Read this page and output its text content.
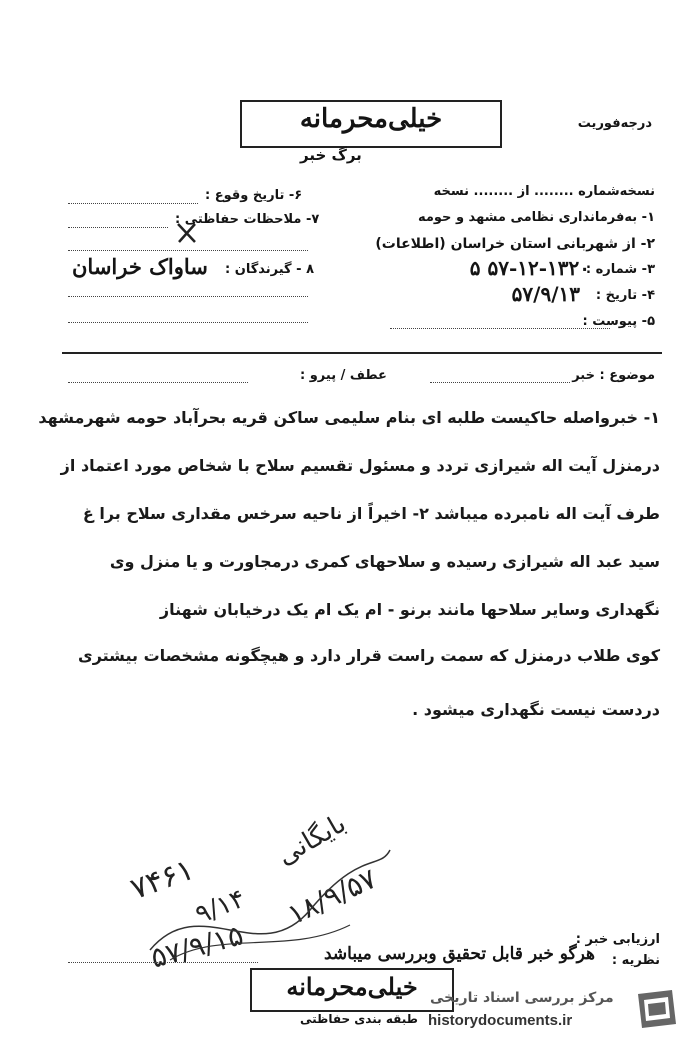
درجه‌فوریت
خیلی‌محرمانه
برگ خبر
نسخه‌شماره ........ از ........ نسخه
۱- به‌فرماندار‌ی نظامی مشهد و حومه
۲- از شهربانی استان خراسان (اطلاعات)
۳- شماره :
۵۷-۱۲-۱۳۲۰ ۵
۴- تاریخ :
۵۷/۹/۱۳
۵- پیوست :
۶- تاریخ وقوع :
۷- ملاحظات حفاظتی :
۸ - گیرندگان :
ساواک خراسان
موضوع : خبر
عطف / پیرو :
۱- خبرواصله حاکیست طلبه ای بنام سلیمی ساکن قریه بحرآباد حومه شهرمشهد
درمنزل آیت اله شیرازی تردد و مسئول تقسیم سلاح با شخاص مورد اعتماد از
طرف آیت اله نامبرده میباشد ۲- اخیراً از ناحیه سرخس مقداری سلاح برا غ
سید عبد اله شیرازی رسیده و سلاحهای کمری درمجاورت و یا منزل وی
نگهداری وسایر سلاحها مانند برنو - ام یک ام یک درخیابان شهناز
کوی طلاب درمنزل که سمت راست قرار دارد و هیچگونه مشخصات بیشتری
دردست نیست نگهداری میشود .
۷۴۶۱
۹/۱۴
۵۷/۹/۱۵
بایگانی
۱۸/۹/۵۷
ارزیابی خبر :
نظریه :
هرگو خبر قابل تحقیق وبررسی میباشد
خیلی‌محرمانه
طبقه بندی حفاظتی
مرکز بررسی اسناد تاریخی
historydocuments.ir
